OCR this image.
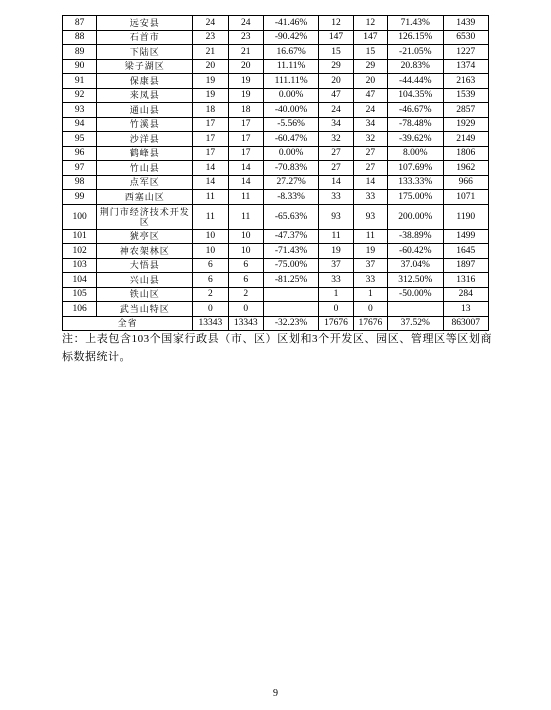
87	远安县	24	24	-41.46%	12	12	71.43%	1439
88	石首市	23	23	-90.42%	147	147	126.15%	6530
89	下陆区	21	21	16.67%	15	15	-21.05%	1227
90	梁子湖区	20	20	11.11%	29	29	20.83%	1374
91	保康县	19	19	111.11%	20	20	-44.44%	2163
92	来凤县	19	19	0.00%	47	47	104.35%	1539
93	通山县	18	18	-40.00%	24	24	-46.67%	2857
94	竹溪县	17	17	-5.56%	34	34	-78.48%	1929
95	沙洋县	17	17	-60.47%	32	32	-39.62%	2149
96	鹤峰县	17	17	0.00%	27	27	8.00%	1806
97	竹山县	14	14	-70.83%	27	27	107.69%	1962
98	点军区	14	14	27.27%	14	14	133.33%	966
99	西塞山区	11	11	-8.33%	33	33	175.00%	1071
100	荆门市经济技术开发区	11	11	-65.63%	93	93	200.00%	1190
101	猇亭区	10	10	-47.37%	11	11	-38.89%	1499
102	神农架林区	10	10	-71.43%	19	19	-60.42%	1645
103	大悟县	6	6	-75.00%	37	37	37.04%	1897
104	兴山县	6	6	-81.25%	33	33	312.50%	1316
105	铁山区	2	2		1	1	-50.00%	284
106	武当山特区	0	0		0	0		13
全省		13343	13343	-32.23%	17676	17676	37.52%	863007
注：上表包含103个国家行政县（市、区）区划和3个开发区、园区、管理区等区划商标数据统计。
9
